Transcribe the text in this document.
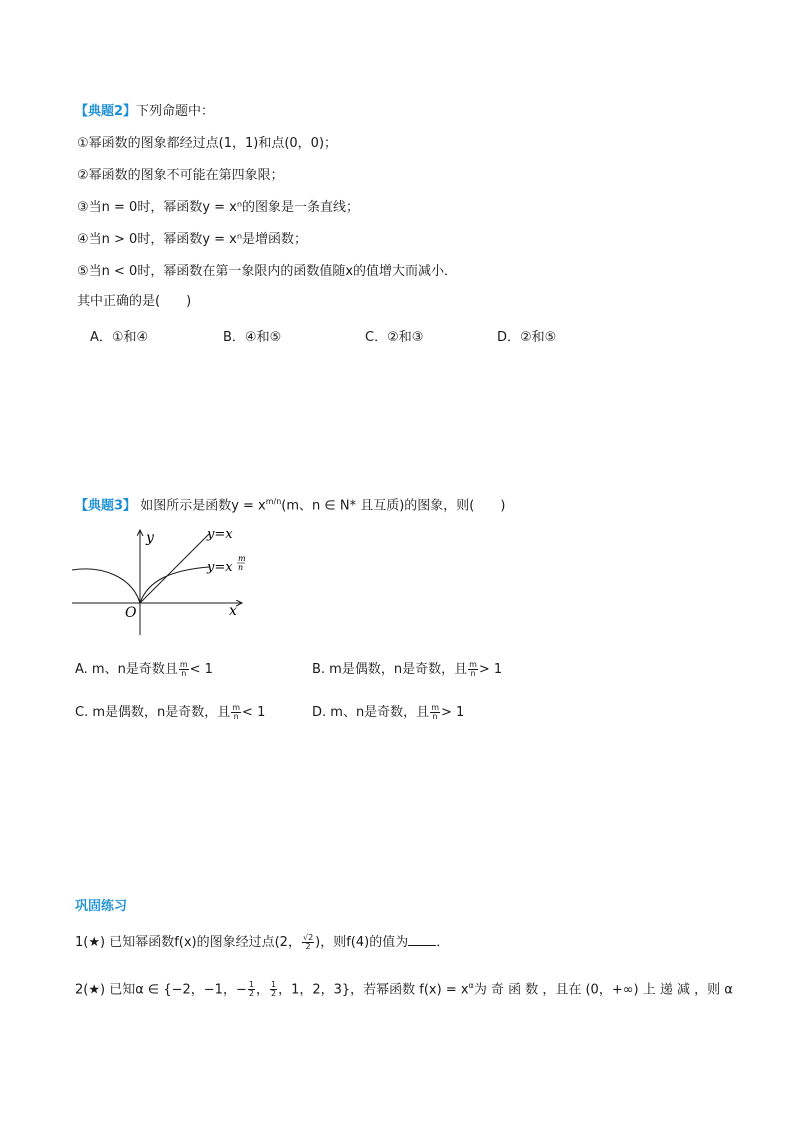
【典题2】下列命题中：
①幂函数的图象都经过点(1，1)和点(0，0)；
②幂函数的图象不可能在第四象限；
③当n = 0时，幂函数y = xⁿ的图象是一条直线；
④当n > 0时，幂函数y = xⁿ是增函数；
⑤当n < 0时，幂函数在第一象限内的函数值随x的值增大而减小．
其中正确的是(　　)
A．①和④	B．④和⑤	C．②和③	D．②和⑤
【典题3】 如图所示是函数$y = x^{m/n}(m$、n ∈ N* 且互质)的图象，则(　　)
y
x
O
y=x
y=x
m
n
A. m、n是奇数且 $\frac{m}{n} < 1$	B. m是偶数，n是奇数，且 $\frac{m}{n} > 1$
C. m是偶数，n是奇数，且 $\frac{m}{n} < 1$	D. m、n是奇数，且 $\frac{m}{n} > 1$
巩固练习
1(★) 已知幂函数f(x)的图象经过点(2， $\frac{√2}{2}$ )，则f(4)的值为 ．
2(★) 已知α ∈ {−2，−1，− $\frac{1}{2}$ ， $\frac{1}{2}$ ，1，2，3}，若幂函数 $f(x) = x^\alpha$为 奇 函 数 ，且在 (0，+∞) 上 递 减 ，则 α
